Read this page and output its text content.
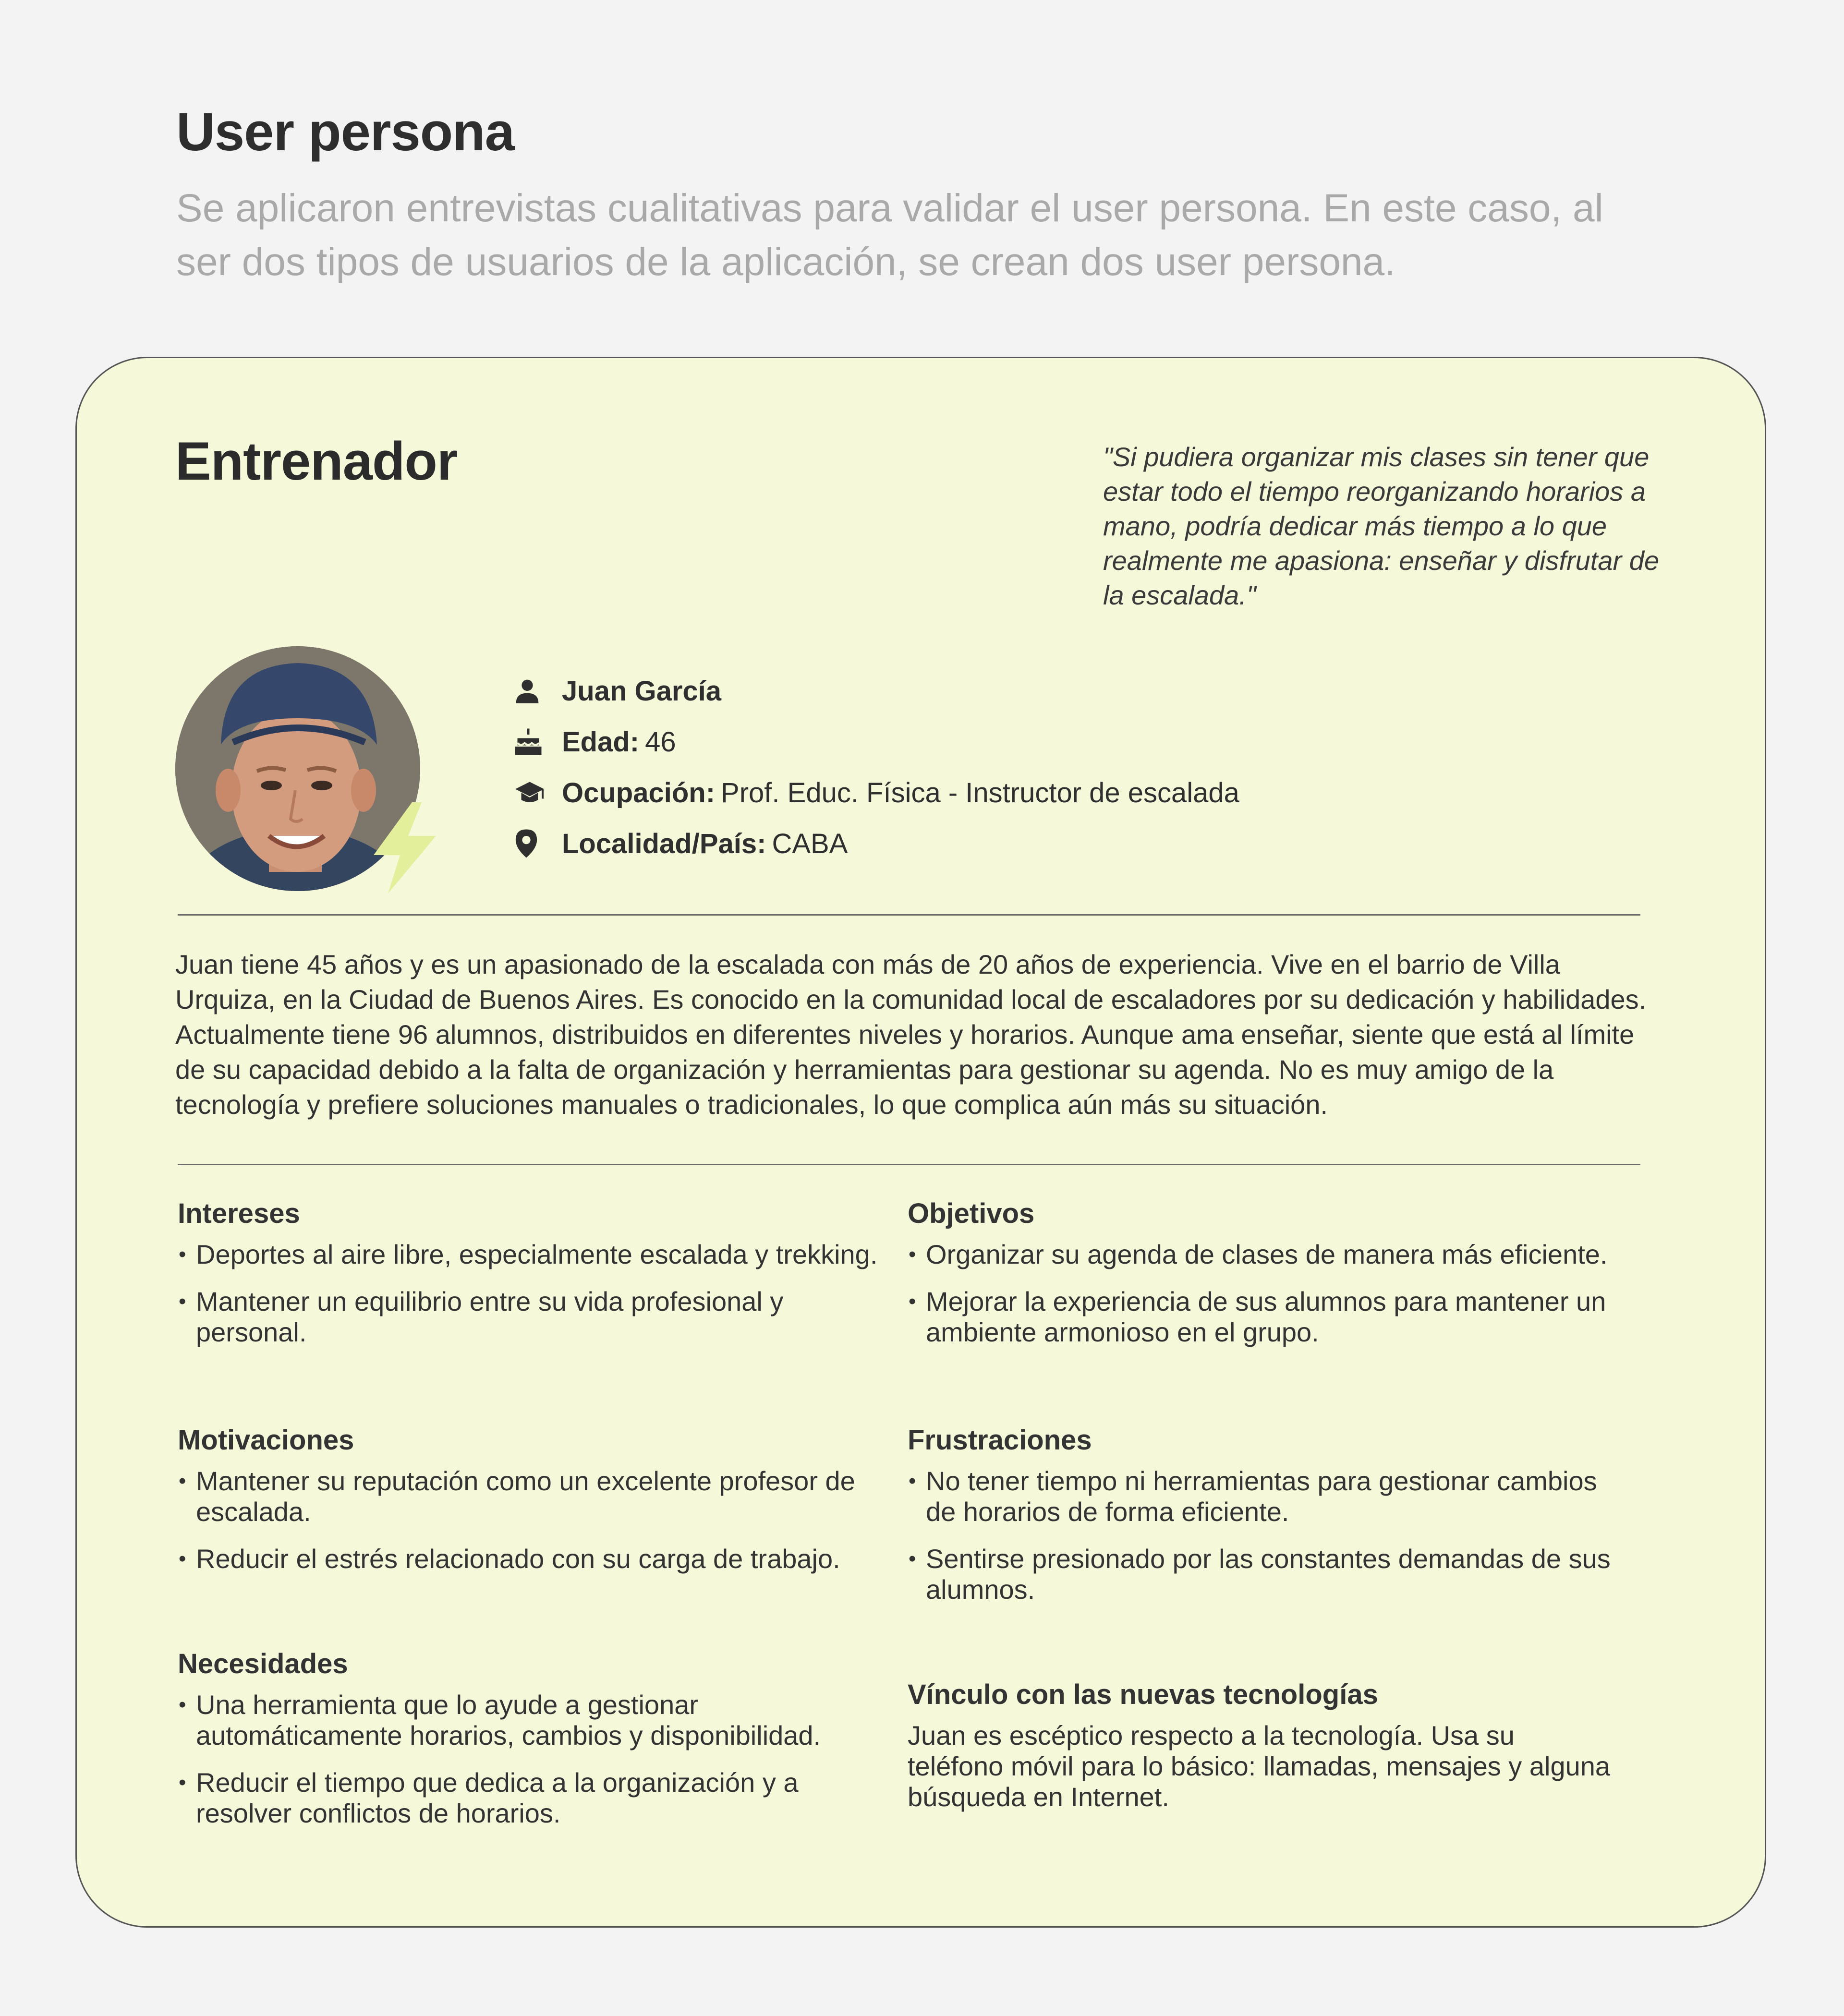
User persona

Se aplicaron entrevistas cualitativas para validar el user persona. En este caso, al ser dos tipos de usuarios de la aplicación, se crean dos user persona.

Entrenador	"Si pudiera organizar mis clases sin tener que estar todo el tiempo reorganizando horarios a mano, podría dedicar más tiempo a lo que realmente me apasiona: enseñar y disfrutar de la escalada."

Juan García
Edad: 46
Ocupación: Prof. Educ. Física - Instructor de escalada
Localidad/País: CABA

Juan tiene 45 años y es un apasionado de la escalada con más de 20 años de experiencia. Vive en el barrio de Villa Urquiza, en la Ciudad de Buenos Aires. Es conocido en la comunidad local de escaladores por su dedicación y habilidades. Actualmente tiene 96 alumnos, distribuidos en diferentes niveles y horarios. Aunque ama enseñar, siente que está al límite de su capacidad debido a la falta de organización y herramientas para gestionar su agenda. No es muy amigo de la tecnología y prefiere soluciones manuales o tradicionales, lo que complica aún más su situación.

Intereses
• Deportes al aire libre, especialmente escalada y trekking.
• Mantener un equilibrio entre su vida profesional y personal.
Objetivos
• Organizar su agenda de clases de manera más eficiente.
• Mejorar la experiencia de sus alumnos para mantener un ambiente armonioso en el grupo.
Motivaciones
• Mantener su reputación como un excelente profesor de escalada.
• Reducir el estrés relacionado con su carga de trabajo.
Frustraciones
• No tener tiempo ni herramientas para gestionar cambios de horarios de forma eficiente.
• Sentirse presionado por las constantes demandas de sus alumnos.
Necesidades
• Una herramienta que lo ayude a gestionar automáticamente horarios, cambios y disponibilidad.
• Reducir el tiempo que dedica a la organización y a resolver conflictos de horarios.
Vínculo con las nuevas tecnologías

Juan es escéptico respecto a la tecnología. Usa su teléfono móvil para lo básico: llamadas, mensajes y alguna búsqueda en Internet.
